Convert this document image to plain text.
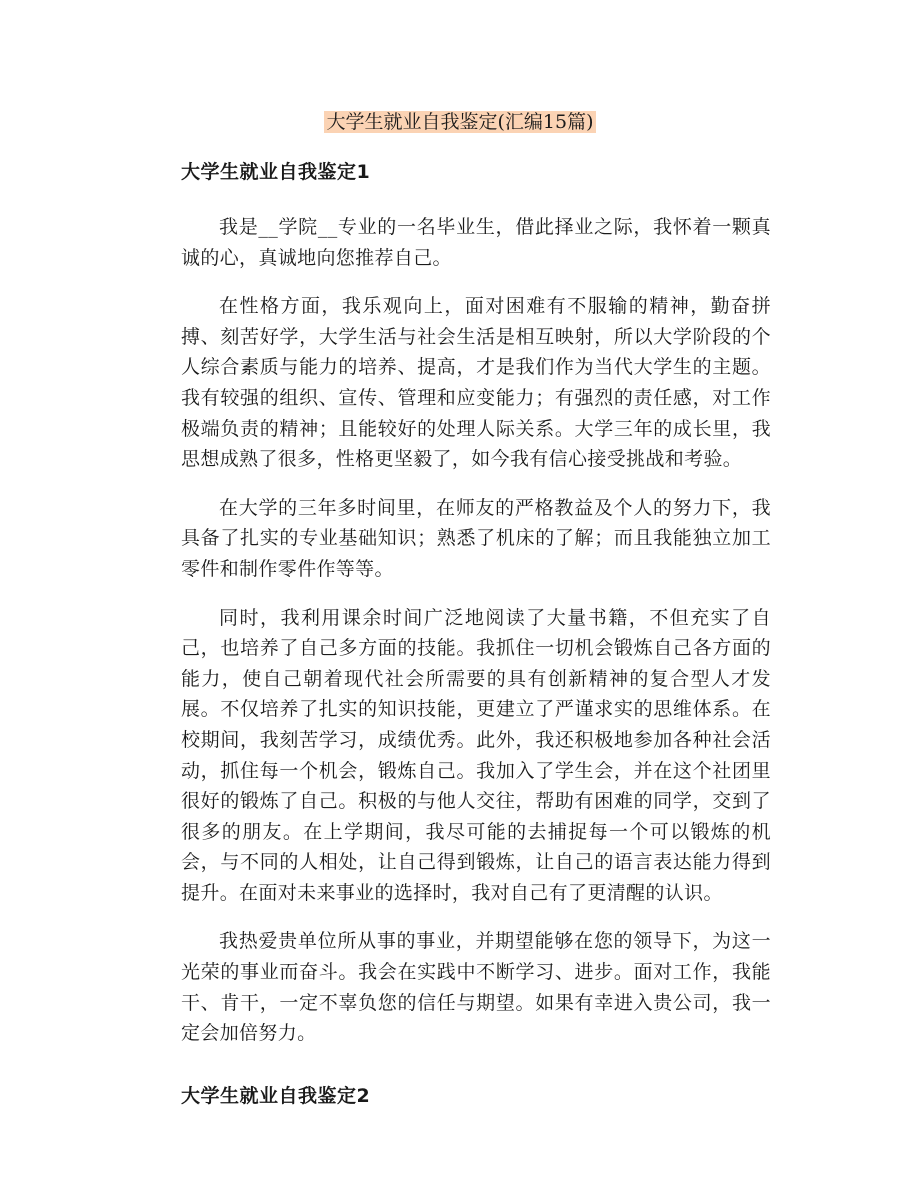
大学生就业自我鉴定(汇编15篇)
大学生就业自我鉴定1

我是__学院__专业的一名毕业生，借此择业之际，我怀着一颗真诚的心，真诚地向您推荐自己。

在性格方面，我乐观向上，面对困难有不服输的精神，勤奋拼搏、刻苦好学，大学生活与社会生活是相互映射，所以大学阶段的个人综合素质与能力的培养、提高，才是我们作为当代大学生的主题。我有较强的组织、宣传、管理和应变能力；有强烈的责任感，对工作极端负责的精神；且能较好的处理人际关系。大学三年的成长里，我思想成熟了很多，性格更坚毅了，如今我有信心接受挑战和考验。

在大学的三年多时间里，在师友的严格教益及个人的努力下，我具备了扎实的专业基础知识；熟悉了机床的了解；而且我能独立加工零件和制作零件作等等。

同时，我利用课余时间广泛地阅读了大量书籍，不但充实了自己，也培养了自己多方面的技能。我抓住一切机会锻炼自己各方面的能力，使自己朝着现代社会所需要的具有创新精神的复合型人才发展。不仅培养了扎实的知识技能，更建立了严谨求实的思维体系。在校期间，我刻苦学习，成绩优秀。此外，我还积极地参加各种社会活动，抓住每一个机会，锻炼自己。我加入了学生会，并在这个社团里很好的锻炼了自己。积极的与他人交往，帮助有困难的同学，交到了很多的朋友。在上学期间，我尽可能的去捕捉每一个可以锻炼的机会，与不同的人相处，让自己得到锻炼，让自己的语言表达能力得到提升。在面对未来事业的选择时，我对自己有了更清醒的认识。

我热爱贵单位所从事的事业，并期望能够在您的领导下，为这一光荣的事业而奋斗。我会在实践中不断学习、进步。面对工作，我能干、肯干，一定不辜负您的信任与期望。如果有幸进入贵公司，我一定会加倍努力。

大学生就业自我鉴定2
